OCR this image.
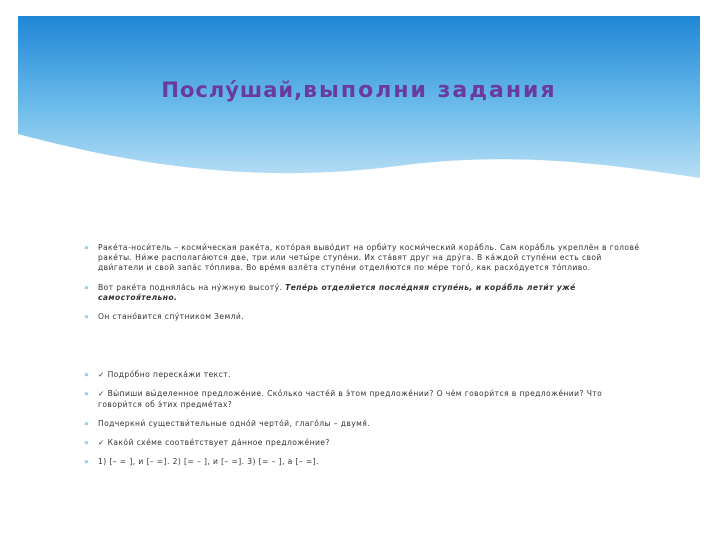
Послу́шай,выполни задания
» Раке́та-носи́тель – косми́ческая раке́та, кото́рая выво́дит на орби́ту косми́ческий кора́бль. Сам кора́бль укреплён в голове́ раке́ты. Ни́же располага́ются две, три или четы́ре ступе́ни. Их ста́вят друг на дру́га. В ка́ждой ступе́ни есть свой дви́гатели и свой запа́с то́плива. Во вре́мя взлёта ступе́ни отделя́ются по ме́ре того́, как расхо́дуется то́пливо.
» Вот раке́та подняла́сь на ну́жную высоту́. Тепе́рь отделя́ется после́дняя ступе́нь, и кора́бль лети́т уже́ самостоя́тельно.
» Он стано́вится спу́тником Земли́.
» ✓ Подро́бно переска́жи текст.
» ✓ Вы́пиши вы́деленное предложе́ние. Ско́лько часте́й в э́том предложе́нии? О чём говори́тся в предложе́нии? Что говори́тся об э́тих предме́тах?
» Подчеркни́ существи́тельные одно́й черто́й, глаго́лы – двумя́.
» ✓ Како́й схе́ме соотве́тствует да́нное предложе́ние?
» 1) [– = ], и [– =]. 2) [= – ], и [– =]. 3) [= – ], а [– =].
